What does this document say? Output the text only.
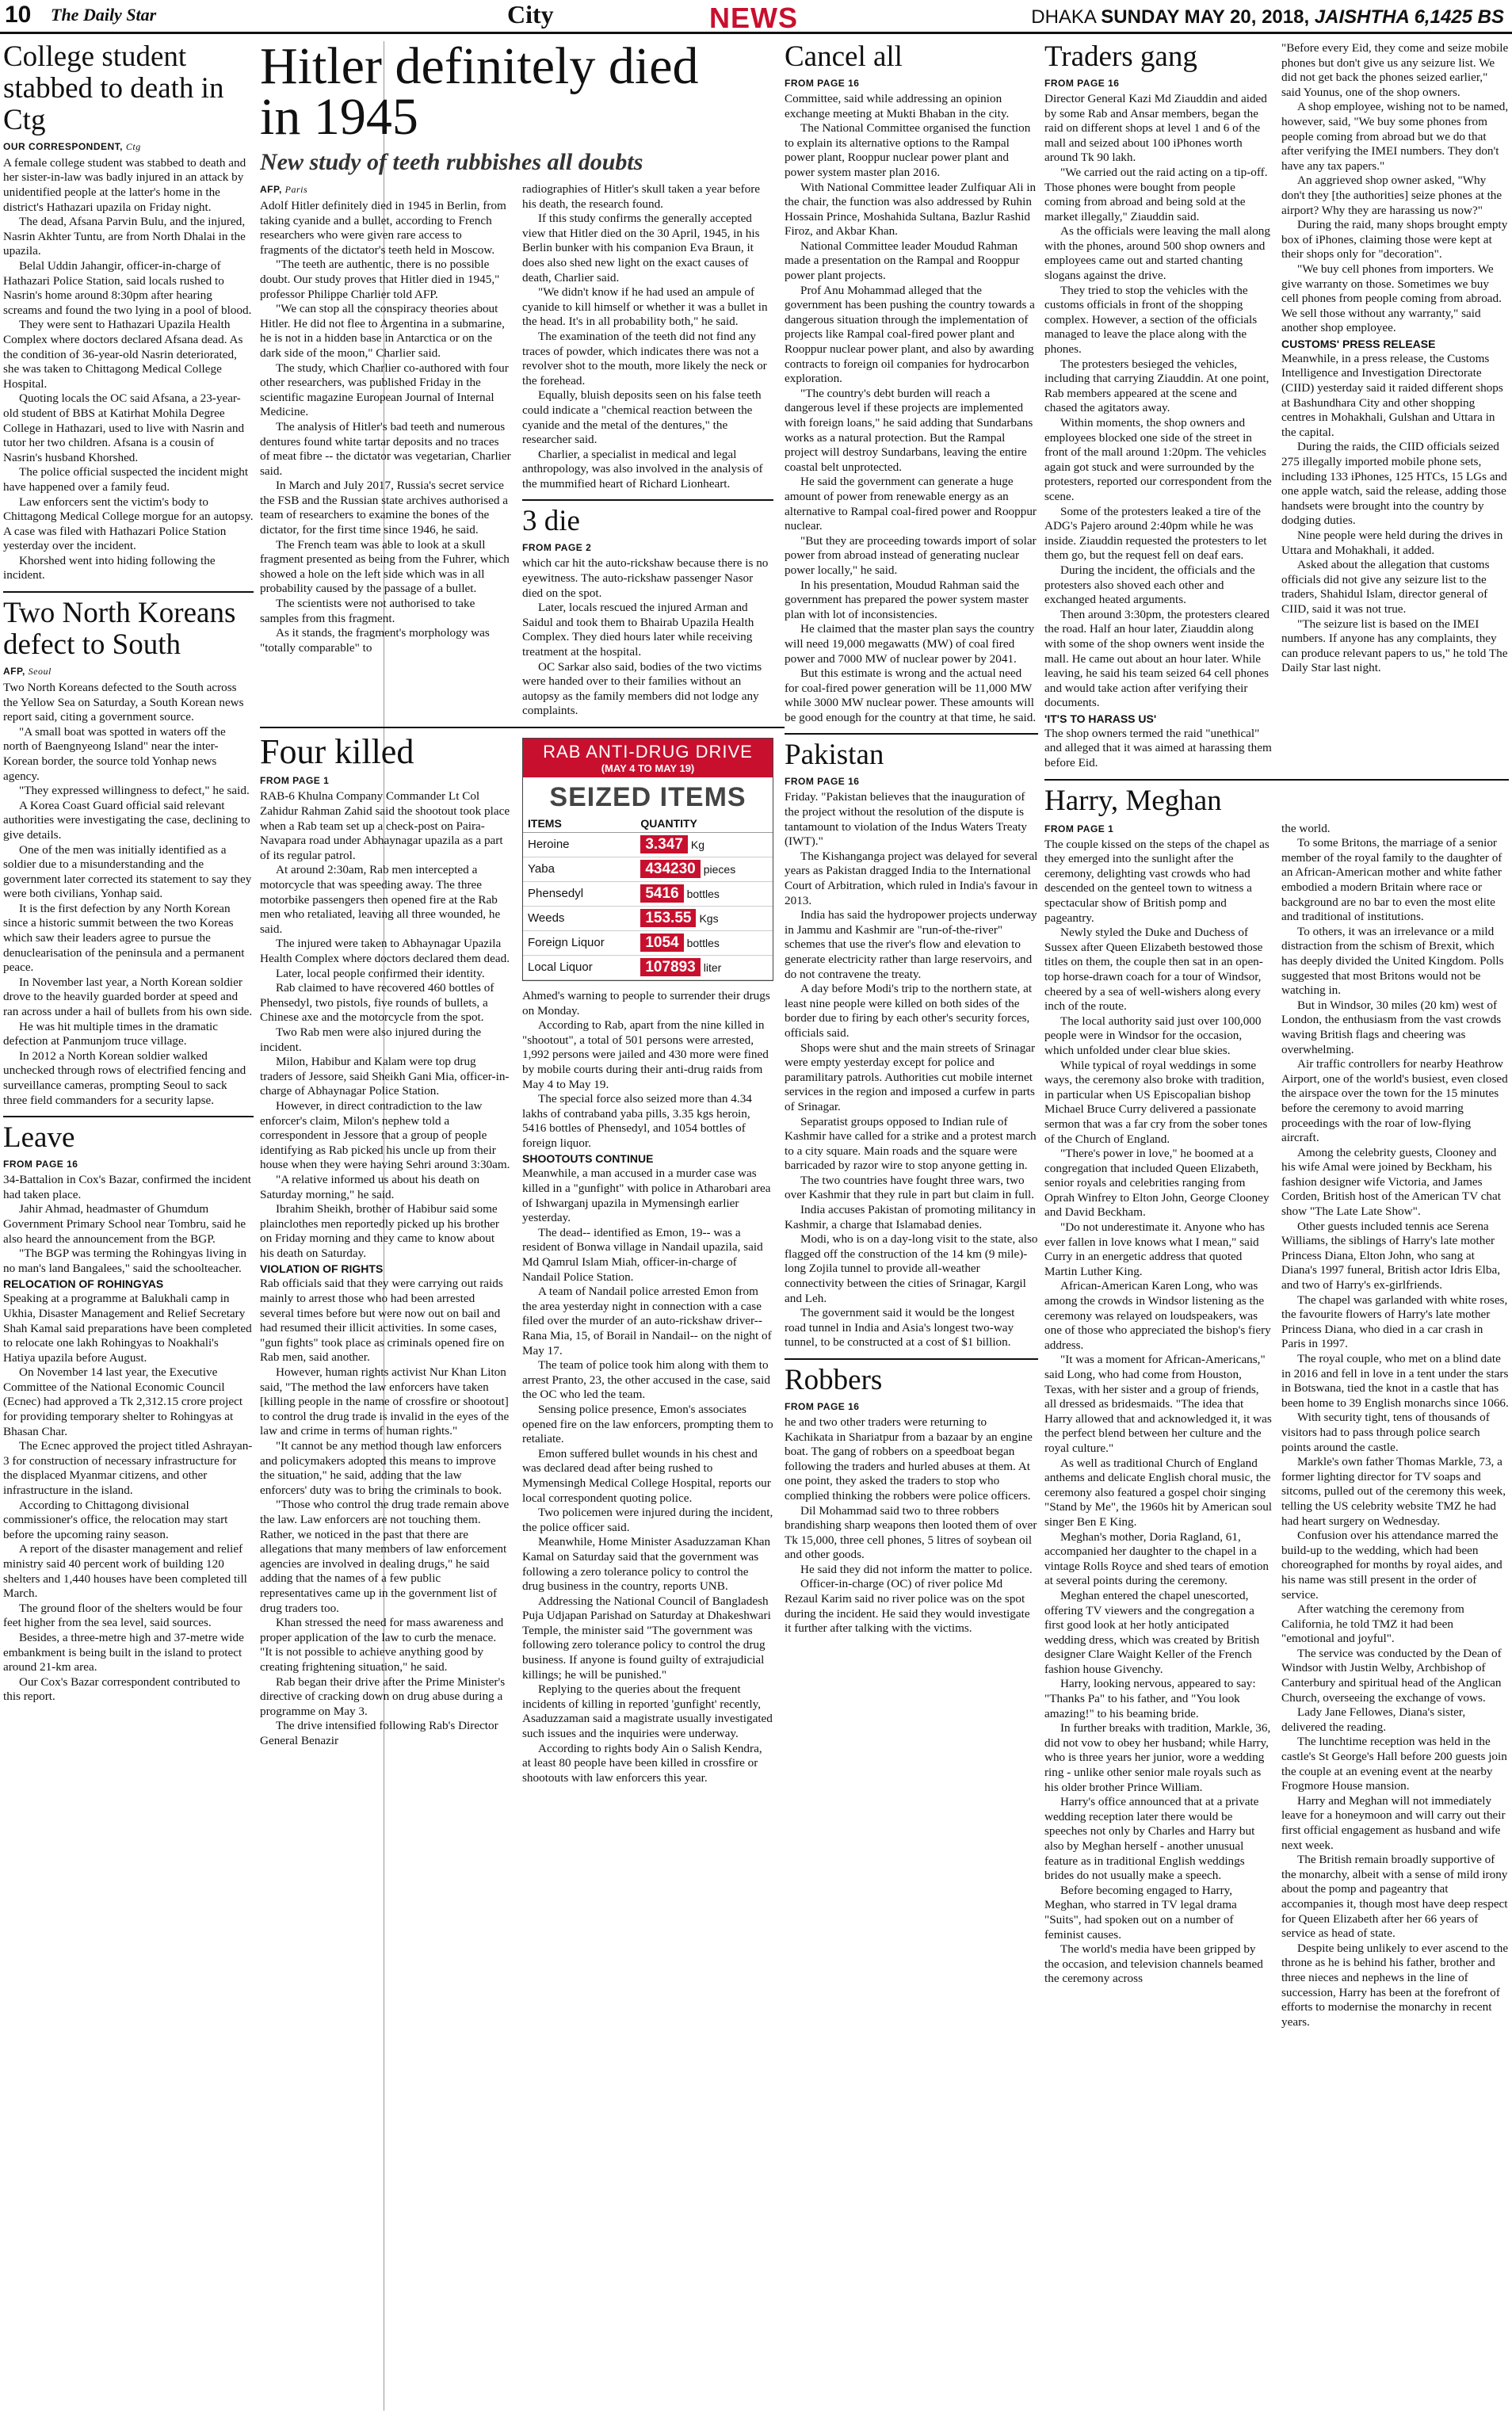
10 The Daily Star	City	NEWS	DHAKA SUNDAY MAY 20, 2018, JAISHTHA 6,1425 BS
College student stabbed to death in Ctg
OUR CORRESPONDENT, Ctg

A female college student was stabbed to death and her sister-in-law was badly injured in an attack by unidentified people at the latter's home in the district's Hathazari upazila on Friday night.

The dead, Afsana Parvin Bulu, and the injured, Nasrin Akhter Tuntu, are from North Dhalai in the upazila.

Belal Uddin Jahangir, officer-in-charge of Hathazari Police Station, said locals rushed to Nasrin's home around 8:30pm after hearing screams and found the two lying in a pool of blood.

They were sent to Hathazari Upazila Health Complex where doctors declared Afsana dead. As the condition of 36-year-old Nasrin deteriorated, she was taken to Chittagong Medical College Hospital.

Quoting locals the OC said Afsana, a 23-year-old student of BBS at Katirhat Mohila Degree College in Hathazari, used to live with Nasrin and tutor her two children. Afsana is a cousin of Nasrin's husband Khorshed.

The police official suspected the incident might have happened over a family feud.

Law enforcers sent the victim's body to Chittagong Medical College morgue for an autopsy. A case was filed with Hathazari Police Station yesterday over the incident.

Khorshed went into hiding following the incident.

Two North Koreans defect to South
AFP, Seoul

Two North Koreans defected to the South across the Yellow Sea on Saturday, a South Korean news report said, citing a government source.

"A small boat was spotted in waters off the north of Baengnyeong Island" near the inter-Korean border, the source told Yonhap news agency.

"They expressed willingness to defect," he said.

A Korea Coast Guard official said relevant authorities were investigating the case, declining to give details.

One of the men was initially identified as a soldier due to a misunderstanding and the government later corrected its statement to say they were both civilians, Yonhap said.

It is the first defection by any North Korean since a historic summit between the two Koreas which saw their leaders agree to pursue the denuclearisation of the peninsula and a permanent peace.

In November last year, a North Korean soldier drove to the heavily guarded border at speed and ran across under a hail of bullets from his own side.

He was hit multiple times in the dramatic defection at Panmunjom truce village.

In 2012 a North Korean soldier walked unchecked through rows of electrified fencing and surveillance cameras, prompting Seoul to sack three field commanders for a security lapse.

Leave
FROM PAGE 16

34-Battalion in Cox's Bazar, confirmed the incident had taken place.

Jahir Ahmad, headmaster of Ghumdum Government Primary School near Tombru, said he also heard the announcement from the BGP.

"The BGP was terming the Rohingyas living in no man's land Bangalees," said the schoolteacher.

RELOCATION OF ROHINGYAS

Speaking at a programme at Balukhali camp in Ukhia, Disaster Management and Relief Secretary Shah Kamal said preparations have been completed to relocate one lakh Rohingyas to Noakhali's Hatiya upazila before August.

On November 14 last year, the Executive Committee of the National Economic Council (Ecnec) had approved a Tk 2,312.15 crore project for providing temporary shelter to Rohingyas at Bhasan Char.

The Ecnec approved the project titled Ashrayan-3 for construction of necessary infrastructure for the displaced Myanmar citizens, and other infrastructure in the island.

According to Chittagong divisional commissioner's office, the relocation may start before the upcoming rainy season.

A report of the disaster management and relief ministry said 40 percent work of building 120 shelters and 1,440 houses have been completed till March.

The ground floor of the shelters would be four feet higher from the sea level, said sources.

Besides, a three-metre high and 37-metre wide embankment is being built in the island to protect around 21-km area.

Our Cox's Bazar correspondent contributed to this report.

Hitler definitely died in 1945
New study of teeth rubbishes all doubts
AFP, Paris

Adolf Hitler definitely died in 1945 in Berlin, from taking cyanide and a bullet, according to French researchers who were given rare access to fragments of the dictator's teeth held in Moscow.

"The teeth are authentic, there is no possible doubt. Our study proves that Hitler died in 1945," professor Philippe Charlier told AFP.

"We can stop all the conspiracy theories about Hitler. He did not flee to Argentina in a submarine, he is not in a hidden base in Antarctica or on the dark side of the moon," Charlier said.

The study, which Charlier co-authored with four other researchers, was published Friday in the scientific magazine European Journal of Internal Medicine.

The analysis of Hitler's bad teeth and numerous dentures found white tartar deposits and no traces of meat fibre -- the dictator was vegetarian, Charlier said.

In March and July 2017, Russia's secret service the FSB and the Russian state archives authorised a team of researchers to examine the bones of the dictator, for the first time since 1946, he said.

The French team was able to look at a skull fragment presented as being from the Fuhrer, which showed a hole on the left side which was in all probability caused by the passage of a bullet.

The scientists were not authorised to take samples from this fragment.

As it stands, the fragment's morphology was "totally comparable" to

radiographies of Hitler's skull taken a year before his death, the research found.

If this study confirms the generally accepted view that Hitler died on the 30 April, 1945, in his Berlin bunker with his companion Eva Braun, it does also shed new light on the exact causes of death, Charlier said.

"We didn't know if he had used an ampule of cyanide to kill himself or whether it was a bullet in the head. It's in all probability both," he said.

The examination of the teeth did not find any traces of powder, which indicates there was not a revolver shot to the mouth, more likely the neck or the forehead.

Equally, bluish deposits seen on his false teeth could indicate a "chemical reaction between the cyanide and the metal of the dentures," the researcher said.

Charlier, a specialist in medical and legal anthropology, was also involved in the analysis of the mummified heart of Richard Lionheart.

3 die
FROM PAGE 2

which car hit the auto-rickshaw because there is no eyewitness. The auto-rickshaw passenger Nasor died on the spot.

Later, locals rescued the injured Arman and Saidul and took them to Bhairab Upazila Health Complex. They died hours later while receiving treatment at the hospital.

OC Sarkar also said, bodies of the two victims were handed over to their families without an autopsy as the family members did not lodge any complaints.

Four killed
FROM PAGE 1

RAB-6 Khulna Company Commander Lt Col Zahidur Rahman Zahid said the shootout took place when a Rab team set up a check-post on Paira-Navapara road under Abhaynagar upazila as a part of its regular patrol.

At around 2:30am, Rab men intercepted a motorcycle that was speeding away. The three motorbike passengers then opened fire at the Rab men who retaliated, leaving all three wounded, he said.

The injured were taken to Abhaynagar Upazila Health Complex where doctors declared them dead.

Later, local people confirmed their identity.

Rab claimed to have recovered 460 bottles of Phensedyl, two pistols, five rounds of bullets, a Chinese axe and the motorcycle from the spot.

Two Rab men were also injured during the incident.

Milon, Habibur and Kalam were top drug traders of Jessore, said Sheikh Gani Mia, officer-in-charge of Abhaynagar Police Station.

However, in direct contradiction to the law enforcer's claim, Milon's nephew told a correspondent in Jessore that a group of people identifying as Rab picked his uncle up from their house when they were having Sehri around 3:30am.

"A relative informed us about his death on Saturday morning," he said.

Ibrahim Sheikh, brother of Habibur said some plainclothes men reportedly picked up his brother on Friday morning and they came to know about his death on Saturday.

VIOLATION OF RIGHTS

Rab officials said that they were carrying out raids mainly to arrest those who had been arrested several times before but were now out on bail and had resumed their illicit activities. In some cases, "gun fights" took place as criminals opened fire on Rab men, said another.

However, human rights activist Nur Khan Liton said, "The method the law enforcers have taken [killing people in the name of crossfire or shootout] to control the drug trade is invalid in the eyes of the law and crime in terms of human rights."

"It cannot be any method though law enforcers and policymakers adopted this means to improve the situation," he said, adding that the law enforcers' duty was to bring the criminals to book.

"Those who control the drug trade remain above the law. Law enforcers are not touching them. Rather, we noticed in the past that there are allegations that many members of law enforcement agencies are involved in dealing drugs," he said adding that the names of a few public representatives came up in the government list of drug traders too.

Khan stressed the need for mass awareness and proper application of the law to curb the menace. "It is not possible to achieve anything good by creating frightening situation," he said.

Rab began their drive after the Prime Minister's directive of cracking down on drug abuse during a programme on May 3.

The drive intensified following Rab's Director General Benazir

RAB ANTI-DRUG DRIVE
(MAY 4 TO MAY 19)
SEIZED ITEMS
ITEMS	QUANTITY
Heroine	3.347 Kg
Yaba	434230 pieces
Phensedyl	5416 bottles
Weeds	153.55 Kgs
Foreign Liquor	1054 bottles
Local Liquor	107893 liter

Ahmed's warning to people to surrender their drugs on Monday.

According to Rab, apart from the nine killed in "shootout", a total of 501 persons were arrested, 1,992 persons were jailed and 430 more were fined by mobile courts during their anti-drug raids from May 4 to May 19.

The special force also seized more than 4.34 lakhs of contraband yaba pills, 3.35 kgs heroin, 5416 bottles of Phensedyl, and 1054 bottles of foreign liquor.

SHOOTOUTS CONTINUE

Meanwhile, a man accused in a murder case was killed in a "gunfight" with police in Atharobari area of Ishwarganj upazila in Mymensingh earlier yesterday.

The dead-- identified as Emon, 19-- was a resident of Bonwa village in Nandail upazila, said Md Qamrul Islam Miah, officer-in-charge of Nandail Police Station.

A team of Nandail police arrested Emon from the area yesterday night in connection with a case filed over the murder of an auto-rickshaw driver-- Rana Mia, 15, of Borail in Nandail-- on the night of May 17.

The team of police took him along with them to arrest Pranto, 23, the other accused in the case, said the OC who led the team.

Sensing police presence, Emon's associates opened fire on the law enforcers, prompting them to retaliate.

Emon suffered bullet wounds in his chest and was declared dead after being rushed to Mymensingh Medical College Hospital, reports our local correspondent quoting police.

Two policemen were injured during the incident, the police officer said.

Meanwhile, Home Minister Asaduzzaman Khan Kamal on Saturday said that the government was following a zero tolerance policy to control the drug business in the country, reports UNB.

Addressing the National Council of Bangladesh Puja Udjapan Parishad on Saturday at Dhakeshwari Temple, the minister said "The government was following zero tolerance policy to control the drug business. If anyone is found guilty of extrajudicial killings; he will be punished."

Replying to the queries about the frequent incidents of killing in reported 'gunfight' recently, Asaduzzaman said a magistrate usually investigated such issues and the inquiries were underway.

According to rights body Ain o Salish Kendra, at least 80 people have been killed in crossfire or shootouts with law enforcers this year.

Cancel all
FROM PAGE 16

Committee, said while addressing an opinion exchange meeting at Mukti Bhaban in the city.

The National Committee organised the function to explain its alternative options to the Rampal power plant, Rooppur nuclear power plant and power system master plan 2016.

With National Committee leader Zulfiquar Ali in the chair, the function was also addressed by Ruhin Hossain Prince, Moshahida Sultana, Bazlur Rashid Firoz, and Akbar Khan.

National Committee leader Moudud Rahman made a presentation on the Rampal and Rooppur power plant projects.

Prof Anu Mohammad alleged that the government has been pushing the country towards a dangerous situation through the implementation of projects like Rampal coal-fired power plant and Rooppur nuclear power plant, and also by awarding contracts to foreign oil companies for hydrocarbon exploration.

"The country's debt burden will reach a dangerous level if these projects are implemented with foreign loans," he said adding that Sundarbans works as a natural protection. But the Rampal project will destroy Sundarbans, leaving the entire coastal belt unprotected.

He said the government can generate a huge amount of power from renewable energy as an alternative to Rampal coal-fired power and Rooppur nuclear.

"But they are proceeding towards import of solar power from abroad instead of generating nuclear power locally," he said.

In his presentation, Moudud Rahman said the government has prepared the power system master plan with lot of inconsistencies.

He claimed that the master plan says the country will need 19,000 megawatts (MW) of coal fired power and 7000 MW of nuclear power by 2041.

But this estimate is wrong and the actual need for coal-fired power generation will be 11,000 MW while 3000 MW nuclear power. These amounts will be good enough for the country at that time, he said.

Pakistan
FROM PAGE 16

Friday. "Pakistan believes that the inauguration of the project without the resolution of the dispute is tantamount to violation of the Indus Waters Treaty (IWT)."

The Kishanganga project was delayed for several years as Pakistan dragged India to the International Court of Arbitration, which ruled in India's favour in 2013.

India has said the hydropower projects underway in Jammu and Kashmir are "run-of-the-river" schemes that use the river's flow and elevation to generate electricity rather than large reservoirs, and do not contravene the treaty.

A day before Modi's trip to the northern state, at least nine people were killed on both sides of the border due to firing by each other's security forces, officials said.

Shops were shut and the main streets of Srinagar were empty yesterday except for police and paramilitary patrols. Authorities cut mobile internet services in the region and imposed a curfew in parts of Srinagar.

Separatist groups opposed to Indian rule of Kashmir have called for a strike and a protest march to a city square. Main roads and the square were barricaded by razor wire to stop anyone getting in.

The two countries have fought three wars, two over Kashmir that they rule in part but claim in full.

India accuses Pakistan of promoting militancy in Kashmir, a charge that Islamabad denies.

Modi, who is on a day-long visit to the state, also flagged off the construction of the 14 km (9 mile)-long Zojila tunnel to provide all-weather connectivity between the cities of Srinagar, Kargil and Leh.

The government said it would be the longest road tunnel in India and Asia's longest two-way tunnel, to be constructed at a cost of $1 billion.

Robbers
FROM PAGE 16

he and two other traders were returning to Kachikata in Shariatpur from a bazaar by an engine boat. The gang of robbers on a speedboat began following the traders and hurled abuses at them. At one point, they asked the traders to stop who complied thinking the robbers were police officers.

Dil Mohammad said two to three robbers brandishing sharp weapons then looted them of over Tk 15,000, three cell phones, 5 litres of soybean oil and other goods.

He said they did not inform the matter to police.

Officer-in-charge (OC) of river police Md Rezaul Karim said no river police was on the spot during the incident. He said they would investigate it further after talking with the victims.

Traders gang
FROM PAGE 16

Director General Kazi Md Ziauddin and aided by some Rab and Ansar members, began the raid on different shops at level 1 and 6 of the mall and seized about 100 iPhones worth around Tk 90 lakh.

"We carried out the raid acting on a tip-off. Those phones were bought from people coming from abroad and being sold at the market illegally," Ziauddin said.

As the officials were leaving the mall along with the phones, around 500 shop owners and employees came out and started chanting slogans against the drive.

They tried to stop the vehicles with the customs officials in front of the shopping complex. However, a section of the officials managed to leave the place along with the phones.

The protesters besieged the vehicles, including that carrying Ziauddin. At one point, Rab members appeared at the scene and chased the agitators away.

Within moments, the shop owners and employees blocked one side of the street in front of the mall around 1:20pm. The vehicles again got stuck and were surrounded by the protesters, reported our correspondent from the scene.

Some of the protesters leaked a tire of the ADG's Pajero around 2:40pm while he was inside. Ziauddin requested the protesters to let them go, but the request fell on deaf ears.

During the incident, the officials and the protesters also shoved each other and exchanged heated arguments.

Then around 3:30pm, the protesters cleared the road. Half an hour later, Ziauddin along with some of the shop owners went inside the mall. He came out about an hour later. While leaving, he said his team seized 64 cell phones and would take action after verifying their documents.

'IT'S TO HARASS US'

The shop owners termed the raid "unethical" and alleged that it was aimed at harassing them before Eid.

"Before every Eid, they come and seize mobile phones but don't give us any seizure list. We did not get back the phones seized earlier," said Younus, one of the shop owners.

A shop employee, wishing not to be named, however, said, "We buy some phones from people coming from abroad but we do that after verifying the IMEI numbers. They don't have any tax papers."

An aggrieved shop owner asked, "Why don't they [the authorities] seize phones at the airport? Why they are harassing us now?"

During the raid, many shops brought empty box of iPhones, claiming those were kept at their shops only for "decoration".

"We buy cell phones from importers. We give warranty on those. Sometimes we buy cell phones from people coming from abroad. We sell those without any warranty," said another shop employee.

CUSTOMS' PRESS RELEASE

Meanwhile, in a press release, the Customs Intelligence and Investigation Directorate (CIID) yesterday said it raided different shops at Bashundhara City and other shopping centres in Mohakhali, Gulshan and Uttara in the capital.

During the raids, the CIID officials seized 275 illegally imported mobile phone sets, including 133 iPhones, 125 HTCs, 15 LGs and one apple watch, said the release, adding those handsets were brought into the country by dodging duties.

Nine people were held during the drives in Uttara and Mohakhali, it added.

Asked about the allegation that customs officials did not give any seizure list to the traders, Shahidul Islam, director general of CIID, said it was not true.

"The seizure list is based on the IMEI numbers. If anyone has any complaints, they can produce relevant papers to us," he told The Daily Star last night.

Harry, Meghan
FROM PAGE 1

The couple kissed on the steps of the chapel as they emerged into the sunlight after the ceremony, delighting vast crowds who had descended on the genteel town to witness a spectacular show of British pomp and pageantry.

Newly styled the Duke and Duchess of Sussex after Queen Elizabeth bestowed those titles on them, the couple then sat in an open-top horse-drawn coach for a tour of Windsor, cheered by a sea of well-wishers along every inch of the route.

The local authority said just over 100,000 people were in Windsor for the occasion, which unfolded under clear blue skies.

While typical of royal weddings in some ways, the ceremony also broke with tradition, in particular when US Episcopalian bishop Michael Bruce Curry delivered a passionate sermon that was a far cry from the sober tones of the Church of England.

"There's power in love," he boomed at a congregation that included Queen Elizabeth, senior royals and celebrities ranging from Oprah Winfrey to Elton John, George Clooney and David Beckham.

"Do not underestimate it. Anyone who has ever fallen in love knows what I mean," said Curry in an energetic address that quoted Martin Luther King.

African-American Karen Long, who was among the crowds in Windsor listening as the ceremony was relayed on loudspeakers, was one of those who appreciated the bishop's fiery address.

"It was a moment for African-Americans," said Long, who had come from Houston, Texas, with her sister and a group of friends, all dressed as bridesmaids. "The idea that Harry allowed that and acknowledged it, it was the perfect blend between her culture and the royal culture."

As well as traditional Church of England anthems and delicate English choral music, the ceremony also featured a gospel choir singing "Stand by Me", the 1960s hit by American soul singer Ben E King.

Meghan's mother, Doria Ragland, 61, accompanied her daughter to the chapel in a vintage Rolls Royce and shed tears of emotion at several points during the ceremony.

Meghan entered the chapel unescorted, offering TV viewers and the congregation a first good look at her hotly anticipated wedding dress, which was created by British designer Clare Waight Keller of the French fashion house Givenchy.

Harry, looking nervous, appeared to say: "Thanks Pa" to his father, and "You look amazing!" to his beaming bride.

In further breaks with tradition, Markle, 36, did not vow to obey her husband; while Harry, who is three years her junior, wore a wedding ring - unlike other senior male royals such as his older brother Prince William.

Harry's office announced that at a private wedding reception later there would be speeches not only by Charles and Harry but also by Meghan herself - another unusual feature as in traditional English weddings brides do not usually make a speech.

Before becoming engaged to Harry, Meghan, who starred in TV legal drama "Suits", had spoken out on a number of feminist causes.

The world's media have been gripped by the occasion, and television channels beamed the ceremony across

the world.

To some Britons, the marriage of a senior member of the royal family to the daughter of an African-American mother and white father embodied a modern Britain where race or background are no bar to even the most elite and traditional of institutions.

To others, it was an irrelevance or a mild distraction from the schism of Brexit, which has deeply divided the United Kingdom. Polls suggested that most Britons would not be watching in.

But in Windsor, 30 miles (20 km) west of London, the enthusiasm from the vast crowds waving British flags and cheering was overwhelming.

Air traffic controllers for nearby Heathrow Airport, one of the world's busiest, even closed the airspace over the town for the 15 minutes before the ceremony to avoid marring proceedings with the roar of low-flying aircraft.

Among the celebrity guests, Clooney and his wife Amal were joined by Beckham, his fashion designer wife Victoria, and James Corden, British host of the American TV chat show "The Late Late Show".

Other guests included tennis ace Serena Williams, the siblings of Harry's late mother Princess Diana, Elton John, who sang at Diana's 1997 funeral, British actor Idris Elba, and two of Harry's ex-girlfriends.

The chapel was garlanded with white roses, the favourite flowers of Harry's late mother Princess Diana, who died in a car crash in Paris in 1997.

The royal couple, who met on a blind date in 2016 and fell in love in a tent under the stars in Botswana, tied the knot in a castle that has been home to 39 English monarchs since 1066.

With security tight, tens of thousands of visitors had to pass through police search points around the castle.

Markle's own father Thomas Markle, 73, a former lighting director for TV soaps and sitcoms, pulled out of the ceremony this week, telling the US celebrity website TMZ he had had heart surgery on Wednesday.

Confusion over his attendance marred the build-up to the wedding, which had been choreographed for months by royal aides, and his name was still present in the order of service.

After watching the ceremony from California, he told TMZ it had been "emotional and joyful".

The service was conducted by the Dean of Windsor with Justin Welby, Archbishop of Canterbury and spiritual head of the Anglican Church, overseeing the exchange of vows.

Lady Jane Fellowes, Diana's sister, delivered the reading.

The lunchtime reception was held in the castle's St George's Hall before 200 guests join the couple at an evening event at the nearby Frogmore House mansion.

Harry and Meghan will not immediately leave for a honeymoon and will carry out their first official engagement as husband and wife next week.

The British remain broadly supportive of the monarchy, albeit with a sense of mild irony about the pomp and pageantry that accompanies it, though most have deep respect for Queen Elizabeth after her 66 years of service as head of state.

Despite being unlikely to ever ascend to the throne as he is behind his father, brother and three nieces and nephews in the line of succession, Harry has been at the forefront of efforts to modernise the monarchy in recent years.
